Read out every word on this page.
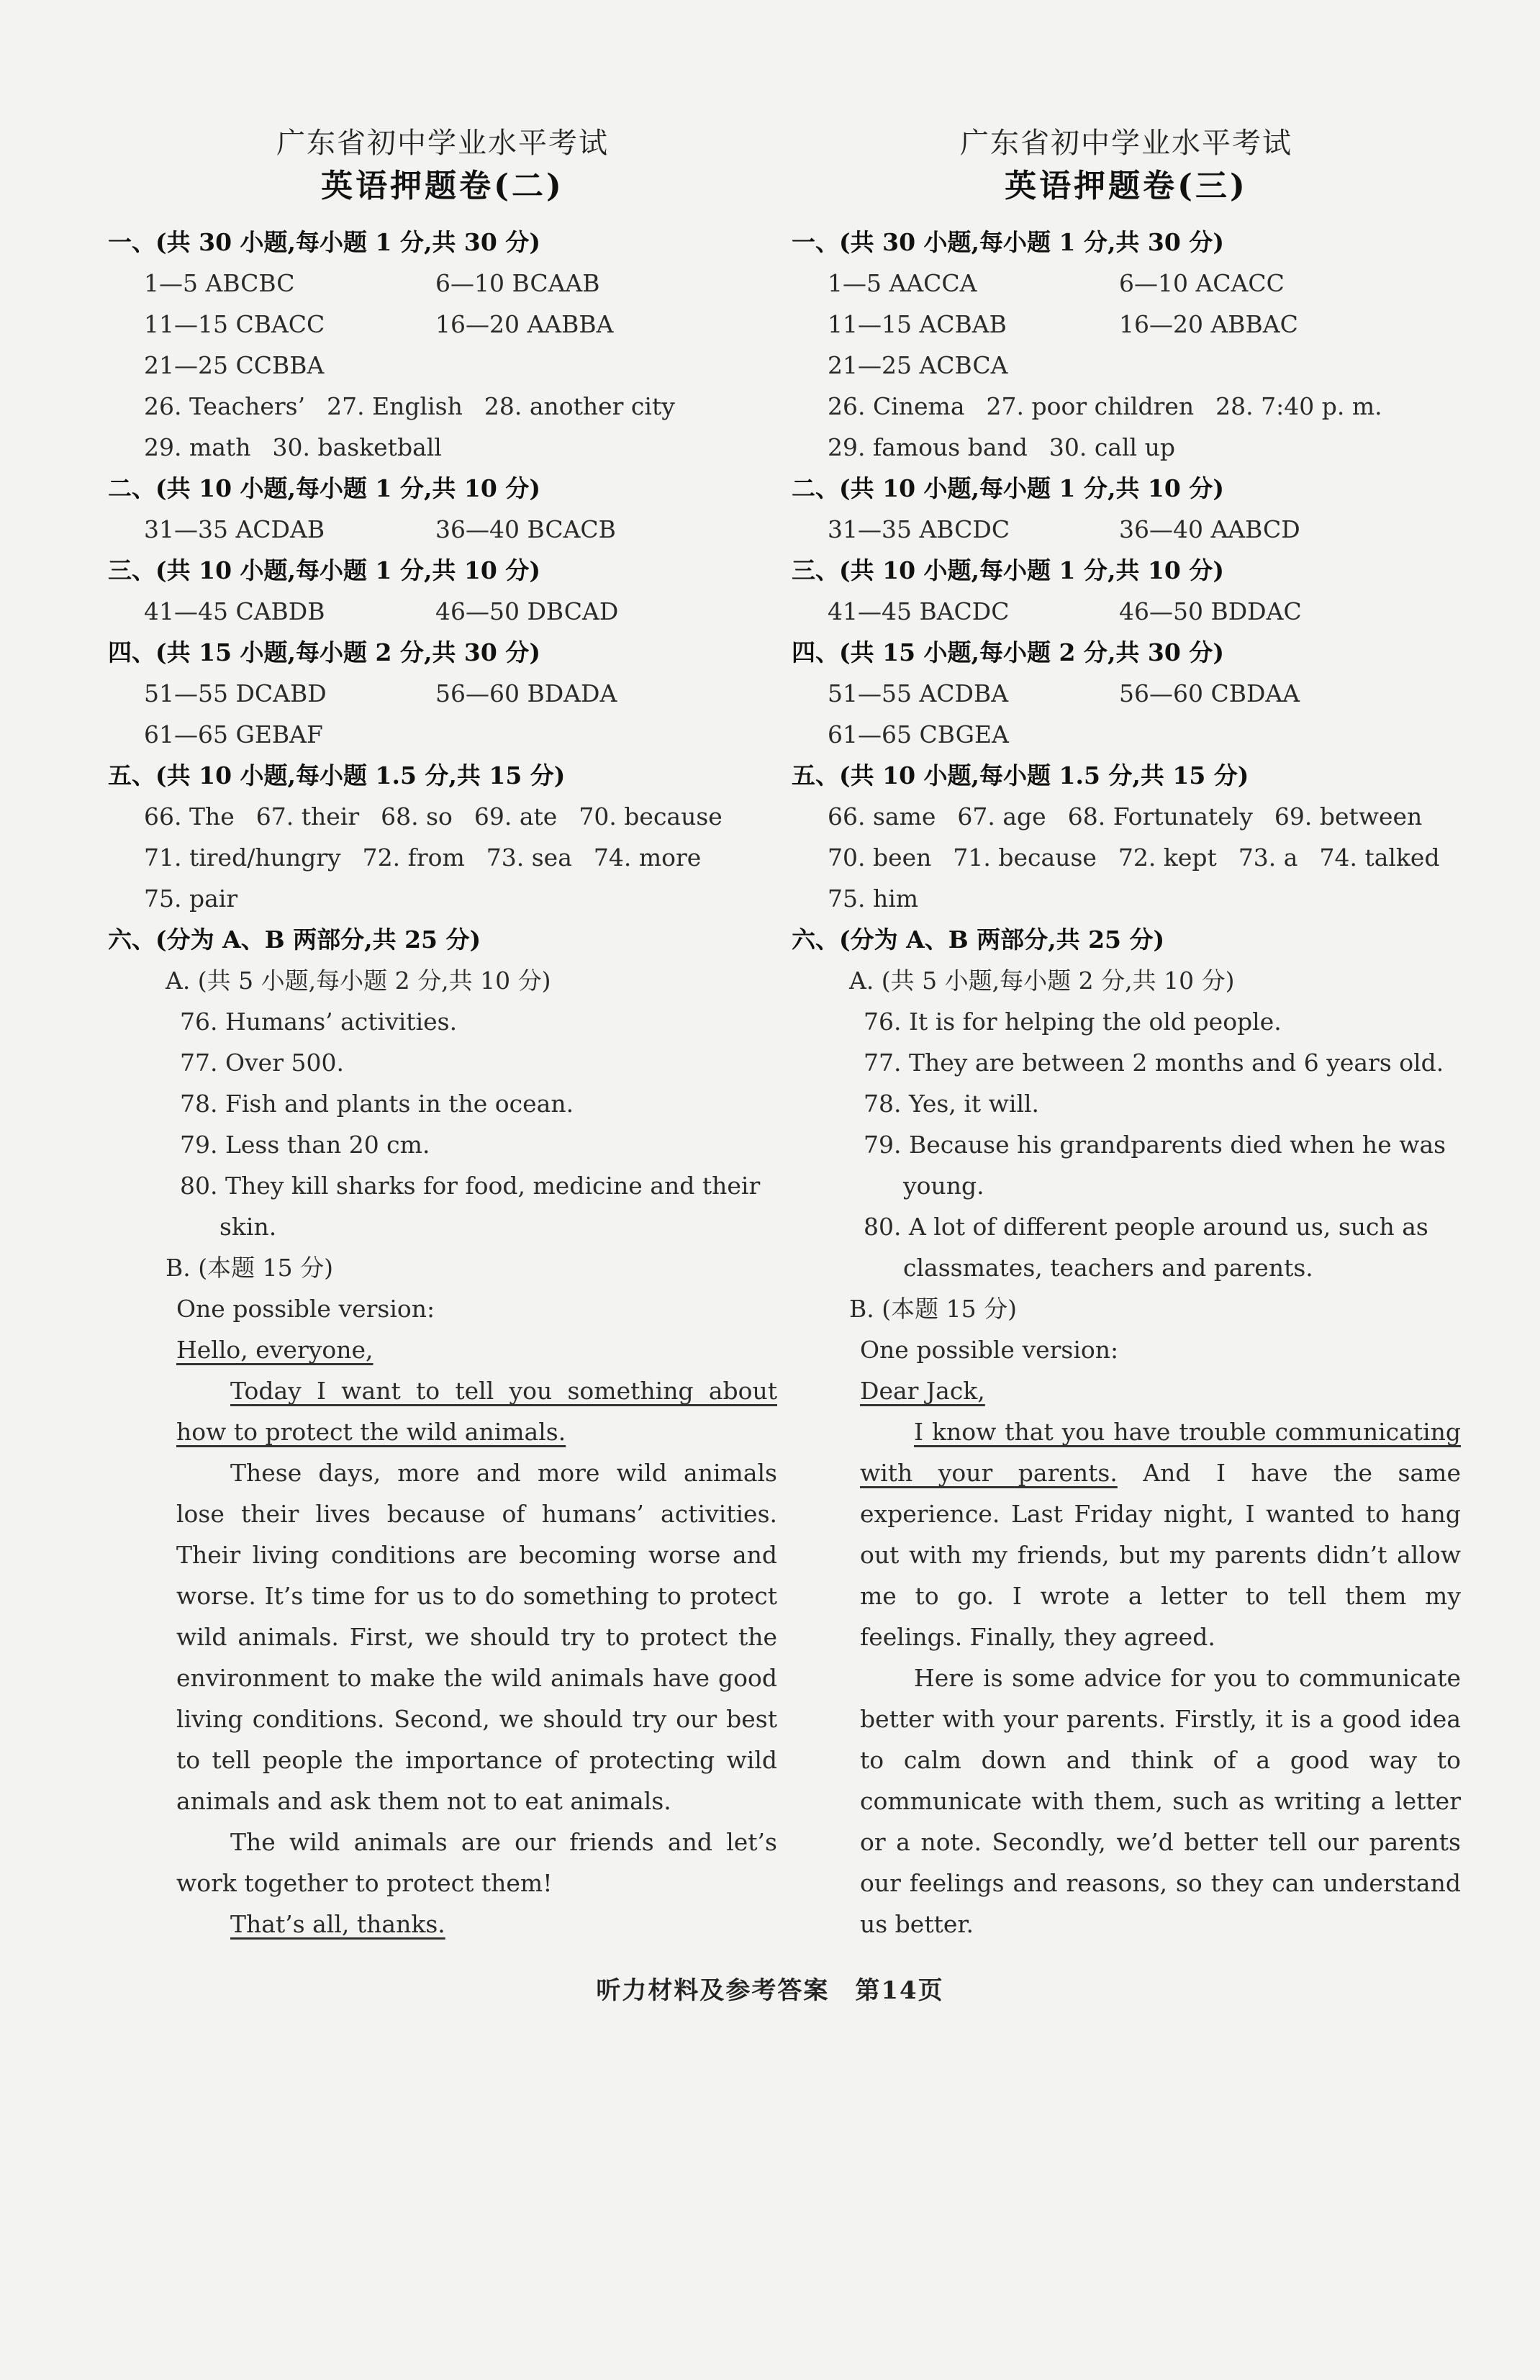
广东省初中学业水平考试
英语押题卷(二)
一、(共 30 小题,每小题 1 分,共 30 分)
1—5 ABCBC	6—10 BCAAB
11—15 CBACC	16—20 AABBA
21—25 CCBBA
26. Teachers’ 27. English 28. another city
29. math 30. basketball
二、(共 10 小题,每小题 1 分,共 10 分)
31—35 ACDAB	36—40 BCACB
三、(共 10 小题,每小题 1 分,共 10 分)
41—45 CABDB	46—50 DBCAD
四、(共 15 小题,每小题 2 分,共 30 分)
51—55 DCABD	56—60 BDADA
61—65 GEBAF
五、(共 10 小题,每小题 1.5 分,共 15 分)
66. The 67. their 68. so 69. ate 70. because
71. tired/hungry 72. from 73. sea 74. more
75. pair
六、(分为 A、B 两部分,共 25 分)
A. (共 5 小题,每小题 2 分,共 10 分)
76. Humans’ activities.
77. Over 500.
78. Fish and plants in the ocean.
79. Less than 20 cm.
80. They kill sharks for food, medicine and their skin.
B. (本题 15 分)

One possible version:

Hello, everyone,

Today I want to tell you something about how to protect the wild animals.

These days, more and more wild animals lose their lives because of humans’ activities. Their living conditions are becoming worse and worse. It’s time for us to do something to protect wild animals. First, we should try to protect the environment to make the wild animals have good living conditions. Second, we should try our best to tell people the importance of protecting wild animals and ask them not to eat animals.

The wild animals are our friends and let’s work together to protect them!

That’s all, thanks.

广东省初中学业水平考试
英语押题卷(三)
一、(共 30 小题,每小题 1 分,共 30 分)
1—5 AACCA	6—10 ACACC
11—15 ACBAB	16—20 ABBAC
21—25 ACBCA
26. Cinema 27. poor children 28. 7:40 p. m.
29. famous band 30. call up
二、(共 10 小题,每小题 1 分,共 10 分)
31—35 ABCDC	36—40 AABCD
三、(共 10 小题,每小题 1 分,共 10 分)
41—45 BACDC	46—50 BDDAC
四、(共 15 小题,每小题 2 分,共 30 分)
51—55 ACDBA	56—60 CBDAA
61—65 CBGEA
五、(共 10 小题,每小题 1.5 分,共 15 分)
66. same 67. age 68. Fortunately 69. between
70. been 71. because 72. kept 73. a 74. talked
75. him
六、(分为 A、B 两部分,共 25 分)
A. (共 5 小题,每小题 2 分,共 10 分)
76. It is for helping the old people.
77. They are between 2 months and 6 years old.
78. Yes, it will.
79. Because his grandparents died when he was young.
80. A lot of different people around us, such as classmates, teachers and parents.
B. (本题 15 分)

One possible version:

Dear Jack,

I know that you have trouble communicating with your parents. And I have the same experience. Last Friday night, I wanted to hang out with my friends, but my parents didn’t allow me to go. I wrote a letter to tell them my feelings. Finally, they agreed.

Here is some advice for you to communicate better with your parents. Firstly, it is a good idea to calm down and think of a good way to communicate with them, such as writing a letter or a note. Secondly, we’d better tell our parents our feelings and reasons, so they can understand us better.

听力材料及参考答案　第14页
